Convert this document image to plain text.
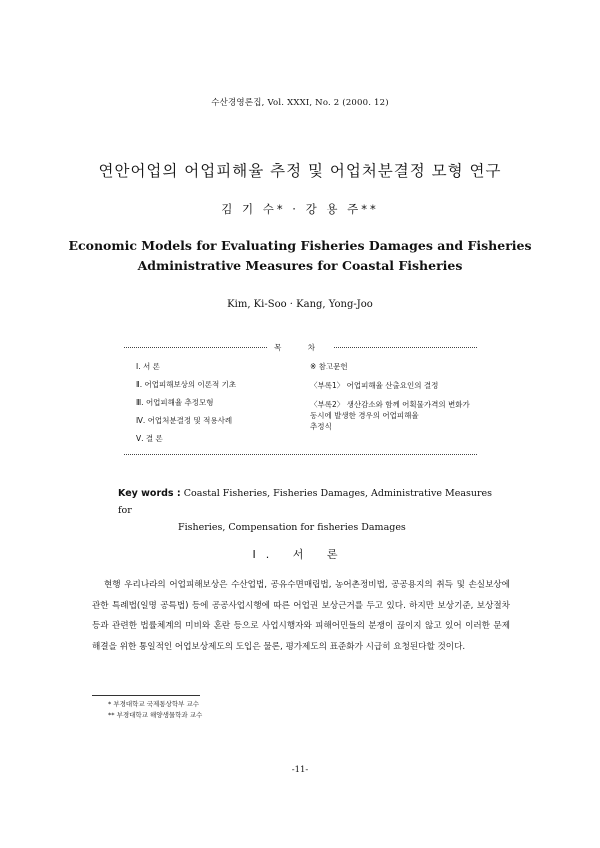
수산경영론집, Vol. XXXI, No. 2 (2000. 12)
연안어업의 어업피해율 추정 및 어업처분결정 모형 연구
김 기 수* · 강 용 주**
Economic Models for Evaluating Fisheries Damages and Fisheries
Administrative Measures for Coastal Fisheries
Kim, Ki-Soo · Kang, Yong-Joo
목 차
Ⅰ. 서 론
Ⅱ. 어업피해보상의 이론적 기초
Ⅲ. 어업피해율 추정모형
Ⅳ. 어업처분결정 및 적용사례
Ⅴ. 결 론
※ 참고문헌
〈부록1〉 어업피해율 산출요인의 결정
〈부록2〉 생산감소와 함께 어획물가격의 변화가
동시에 발생한 경우의 어업피해율
추정식
Key words : Coastal Fisheries, Fisheries Damages, Administrative Measures for
Fisheries, Compensation for fisheries Damages
Ⅰ. 서 론
현행 우리나라의 어업피해보상은 수산업법, 공유수면매립법, 농어촌정비법, 공공용지의 취득 및 손실보상에 관한 특례법(일명 공특법) 등에 공공사업시행에 따른 어업권 보상근거를 두고 있다. 하지만 보상기준, 보상절차 등과 관련한 법률체계의 미비와 혼란 등으로 사업시행자와 피해어민들의 분쟁이 끊이지 않고 있어 이러한 문제 해결을 위한 통일적인 어업보상제도의 도입은 물론, 평가제도의 표준화가 시급히 요청된다할 것이다.
* 부경대학교 국제통상학부 교수
** 부경대학교 해양생물학과 교수
-11-
